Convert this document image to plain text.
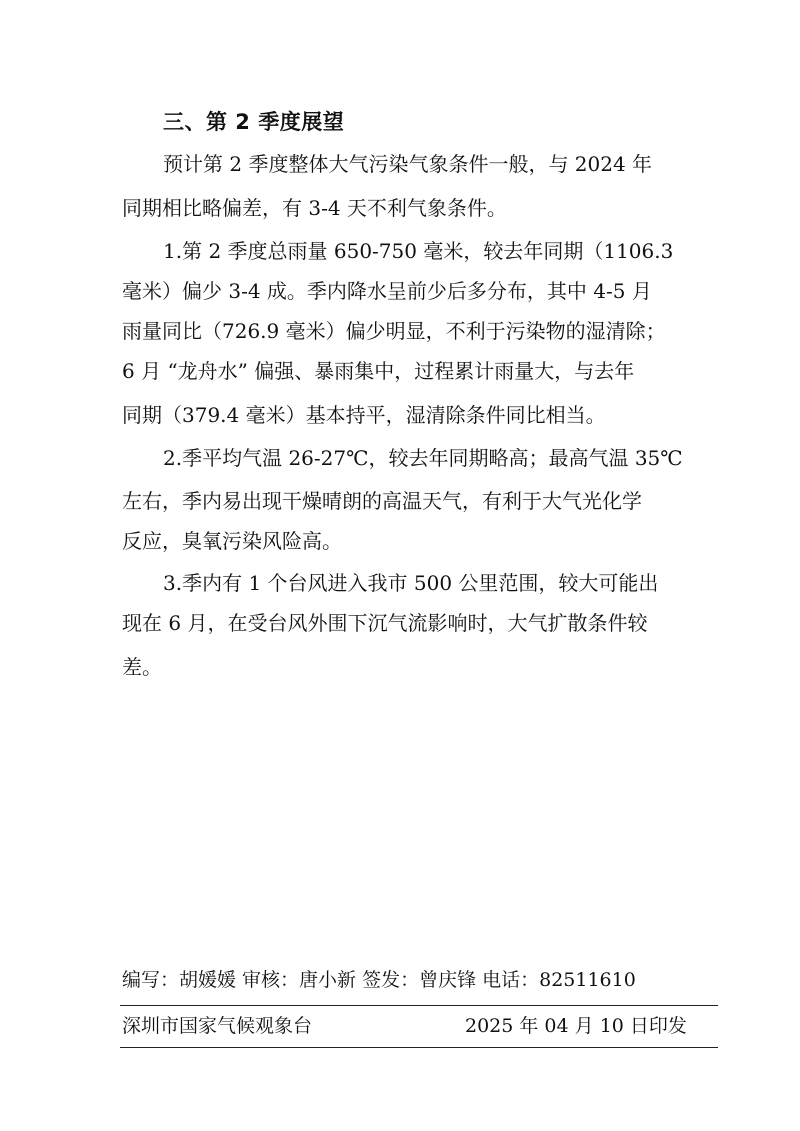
三、第 2 季度展望
预计第 2 季度整体大气污染气象条件一般，与 2024 年
同期相比略偏差，有 3-4 天不利气象条件。
1.第 2 季度总雨量 650-750 毫米，较去年同期（1106.3
毫米）偏少 3-4 成。季内降水呈前少后多分布，其中 4-5 月
雨量同比（726.9 毫米）偏少明显，不利于污染物的湿清除；
6 月 “龙舟水” 偏强、暴雨集中，过程累计雨量大，与去年
同期（379.4 毫米）基本持平，湿清除条件同比相当。
2.季平均气温 26-27℃，较去年同期略高；最高气温 35℃
左右，季内易出现干燥晴朗的高温天气，有利于大气光化学
反应，臭氧污染风险高。
3.季内有 1 个台风进入我市 500 公里范围，较大可能出
现在 6 月，在受台风外围下沉气流影响时，大气扩散条件较
差。
编写：胡媛媛 审核：唐小新 签发：曾庆锋 电话：82511610
深圳市国家气候观象台	2025 年 04 月 10 日印发
